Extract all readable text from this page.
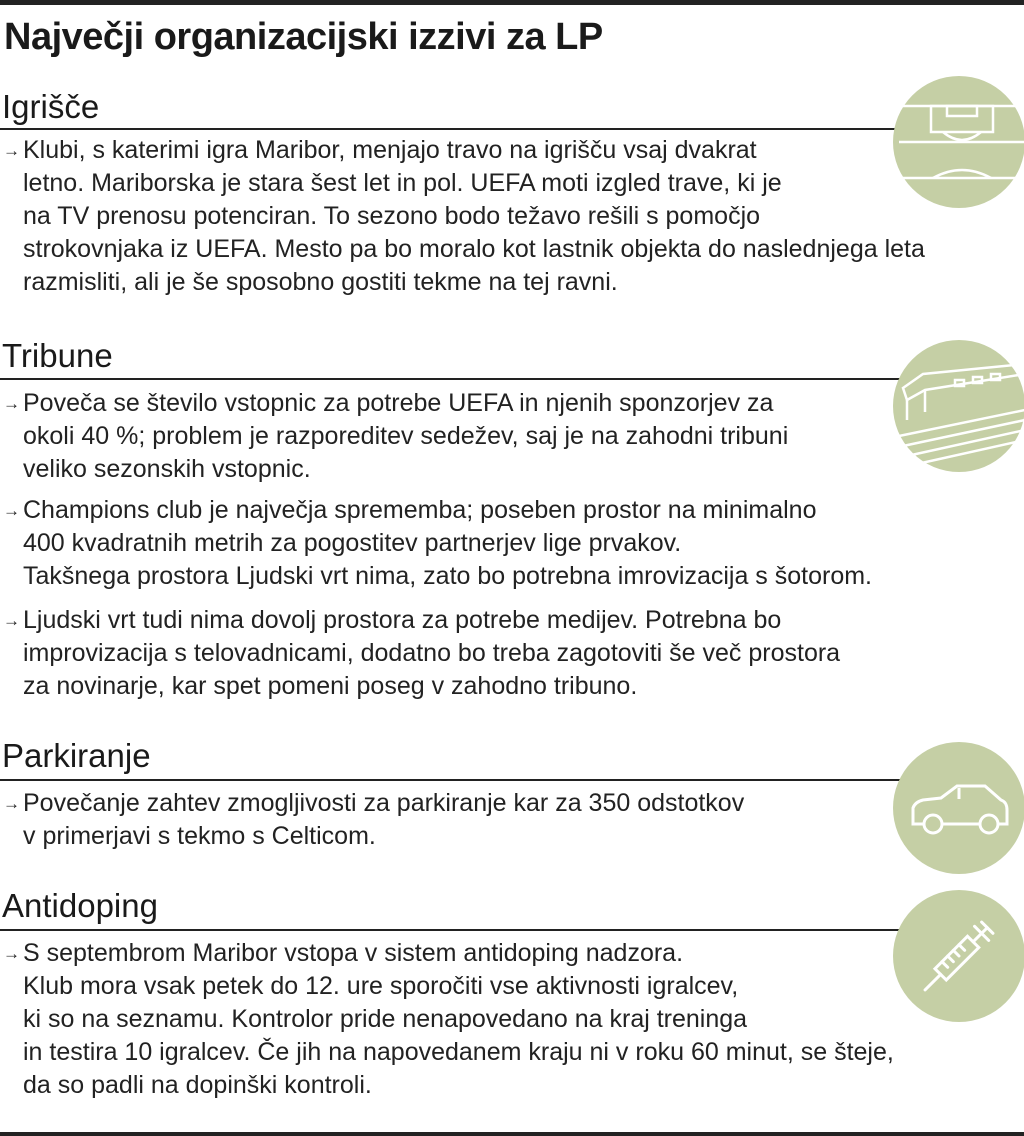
Največji organizacijski izzivi za LP
Igrišče
→ Klubi, s katerimi igra Maribor, menjajo travo na igrišču vsaj dvakrat
letno. Mariborska je stara šest let in pol. UEFA moti izgled trave, ki je
na TV prenosu potenciran. To sezono bodo težavo rešili s pomočjo
strokovnjaka iz UEFA. Mesto pa bo moralo kot lastnik objekta do naslednjega leta
razmisliti, ali je še sposobno gostiti tekme na tej ravni.
Tribune
→ Poveča se število vstopnic za potrebe UEFA in njenih sponzorjev za
okoli 40 %; problem je razporeditev sedežev, saj je na zahodni tribuni
veliko sezonskih vstopnic.
→ Champions club je največja sprememba; poseben prostor na minimalno
400 kvadratnih metrih za pogostitev partnerjev lige prvakov.
Takšnega prostora Ljudski vrt nima, zato bo potrebna imrovizacija s šotorom.
→ Ljudski vrt tudi nima dovolj prostora za potrebe medijev. Potrebna bo
improvizacija s telovadnicami, dodatno bo treba zagotoviti še več prostora
za novinarje, kar spet pomeni poseg v zahodno tribuno.
Parkiranje
→ Povečanje zahtev zmogljivosti za parkiranje kar za 350 odstotkov
v primerjavi s tekmo s Celticom.
Antidoping
→ S septembrom Maribor vstopa v sistem antidoping nadzora.
Klub mora vsak petek do 12. ure sporočiti vse aktivnosti igralcev,
ki so na seznamu. Kontrolor pride nenapovedano na kraj treninga
in testira 10 igralcev. Če jih na napovedanem kraju ni v roku 60 minut, se šteje,
da so padli na dopinški kontroli.
